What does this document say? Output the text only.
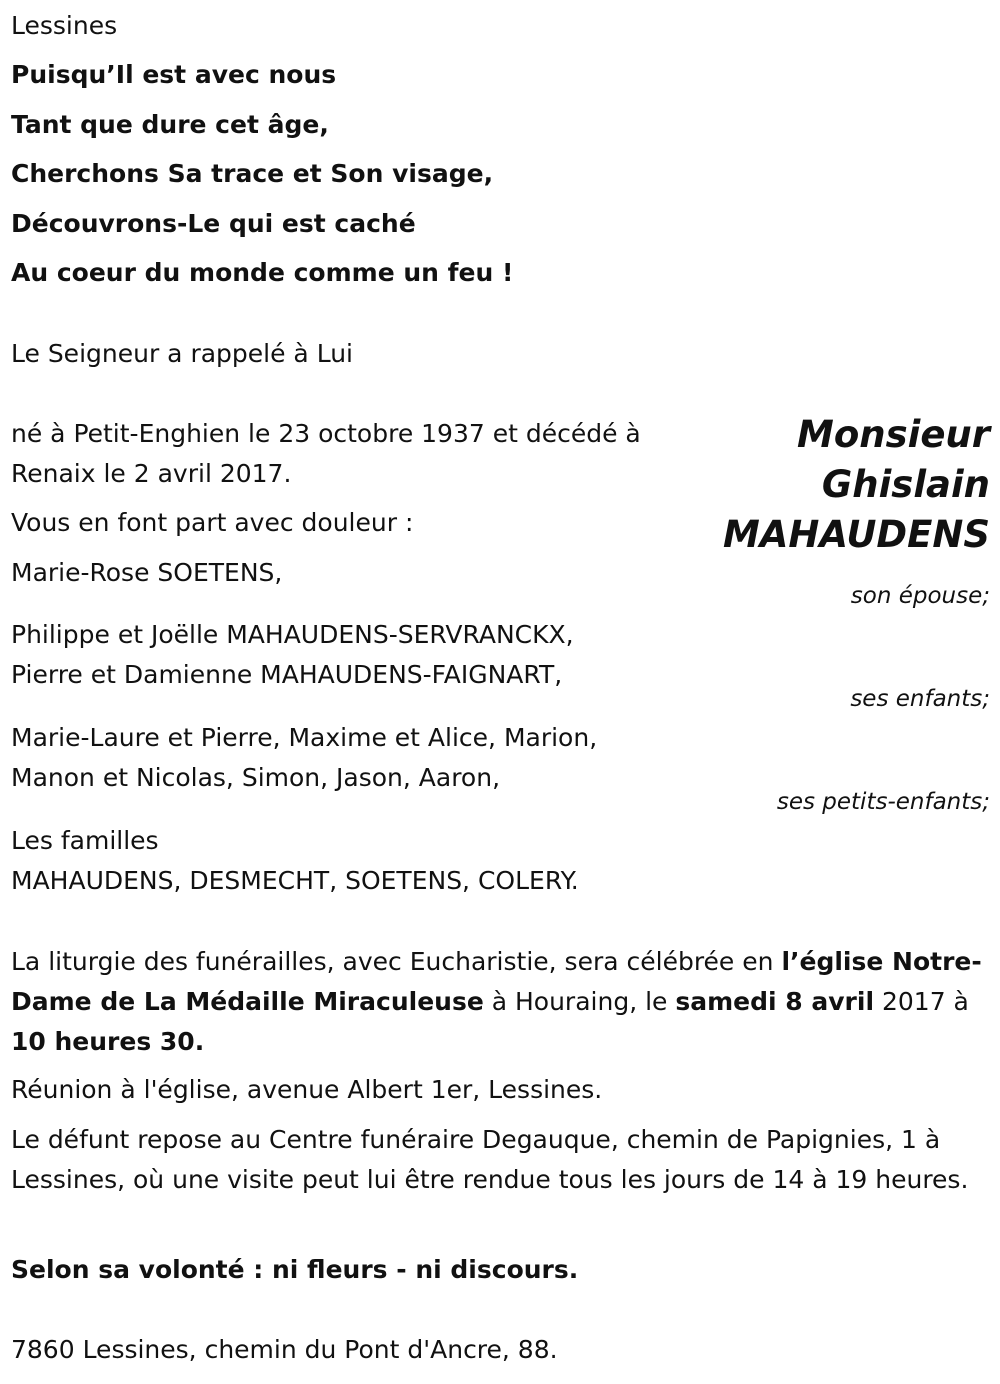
Lessines
Puisqu’Il est avec nous
Tant que dure cet âge,
Cherchons Sa trace et Son visage,
Découvrons-Le qui est caché
Au coeur du monde comme un feu !
Le Seigneur a rappelé à Lui
Monsieur
Ghislain
MAHAUDENS
né à Petit-Enghien le 23 octobre 1937 et décédé à
Renaix le 2 avril 2017.
Vous en font part avec douleur :
Marie-Rose SOETENS,
son épouse;
Philippe et Joëlle MAHAUDENS-SERVRANCKX,
Pierre et Damienne MAHAUDENS-FAIGNART,
ses enfants;
Marie-Laure et Pierre, Maxime et Alice, Marion,
Manon et Nicolas, Simon, Jason, Aaron,
ses petits-enfants;
Les familles
MAHAUDENS, DESMECHT, SOETENS, COLERY.
La liturgie des funérailles, avec Eucharistie, sera célébrée en l’église Notre-Dame de La Médaille Miraculeuse à Houraing, le samedi 8 avril 2017 à 10 heures 30.
Réunion à l'église, avenue Albert 1er, Lessines.
Le défunt repose au Centre funéraire Degauque, chemin de Papignies, 1 à Lessines, où une visite peut lui être rendue tous les jours de 14 à 19 heures.
Selon sa volonté : ni fleurs - ni discours.
7860 Lessines, chemin du Pont d'Ancre, 88.
